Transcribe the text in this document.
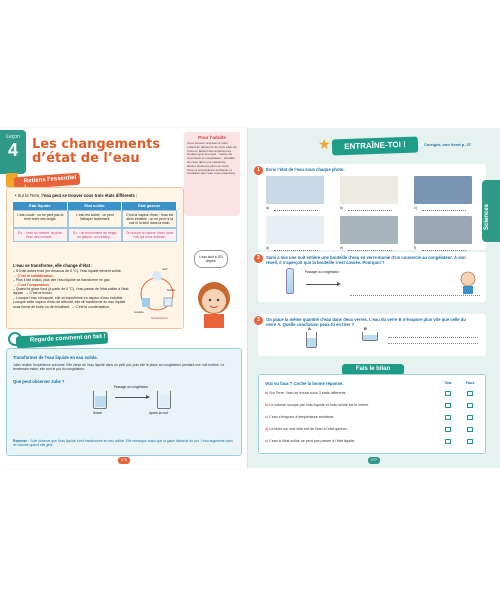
Leçon
4	Les changements d’état de l’eau
Pour l’adulte
Vous pouvez proposer à votre enfant de découvrir les trois états de l’eau en faisant des expériences simples (par exemple : mettre de l’eau dans le congélateur ; chauffer de l’eau dans une casserole ; laisser plusieurs jours un verre d’eau à température ambiante et constater que l’eau s’est évaporée).
Retiens l’essentiel
• Sur la Terre, l’eau peut se trouver sous trois états différents :
État liquide	État solide	État gazeux
L’eau coule : on ne peut pas la tenir entre ses doigts.
L’eau est solide : on peut l’attraper facilement.
C’est la vapeur d’eau : l’eau est alors invisible ; on ne peut ni la voir ni la tenir dans la main.
Ex. : l’eau du robinet, la pluie, l’eau des océans…
Ex. : un bonhomme de neige, un glaçon, un iceberg…
On trouve la vapeur d’eau dans l’air qui nous entoure.
L’eau se transforme, elle change d’état :
– S’il fait assez froid (en dessous de 0 °C), l’eau liquide devient solide.
→ C’est la solidification.
– Plus il fait chaud, plus vite l’eau liquide se transforme en gaz.
→ C’est l’évaporation.
– Quand la glace fond (à partir de 0 °C), l’eau passe de l’état solide à l’état liquide. → C’est la fusion.
– Lorsque l’eau s’évapore, elle se transforme en vapeur d’eau invisible. Lorsque cette vapeur d’eau se refroidit, elle se transforme en eau liquide sous forme de buée ou de brouillard. → C’est la condensation.
Gaz
Liquide
Solide
Solidification
L’eau bout à 100 degrés.
Regarde comment on fait !
Transformer de l’eau liquide en eau solide.
Jules réalise l’expérience suivante. Elle verse de l’eau liquide dans un petit pot, puis elle le place au congélateur pendant une nuit entière. Le lendemain matin, elle sort le pot du congélateur.
Que peut observer Julie ?
Passage au congélateur
Avant	Après la nuit
Réponse : Julie observe que l’eau liquide s’est transformée en eau solide. Elle remarque aussi que la glace déborde du pot : l’eau augmente donc de volume quand elle gèle.
176
★	ENTRAÎNE-TOI !	Corrigés, voir livret p. 27
1	Écris l’état de l’eau sous chaque photo.
a)	b)	c)
d)	e)	f)
2	Sami a mis une nuit entière une bouteille d’eau en verre munie d’un couvercle au congélateur. À son réveil, il s’aperçoit que la bouteille s’est cassée. Pourquoi ?
Passage au congélateur
3	On place la même quantité d’eau dans deux verres. L’eau du verre B s’évapore plus vite que celle du verre A. Quelle conclusion peux-tu en tirer ?
A	B
Fais le bilan
Vrai ou faux ? Coche la bonne réponse.	Vrai	Faux
a) Sur Terre, l’eau se trouve sous 3 états différents.
b) Le volume occupé par l’eau liquide et l’eau solide est le même.
c) L’eau s’évapore à température ambiante.
d) La buée sur une vitre est de l’eau à l’état gazeux.
e) L’eau à l’état solide ne peut pas passer à l’état liquide.
Sciences
177
